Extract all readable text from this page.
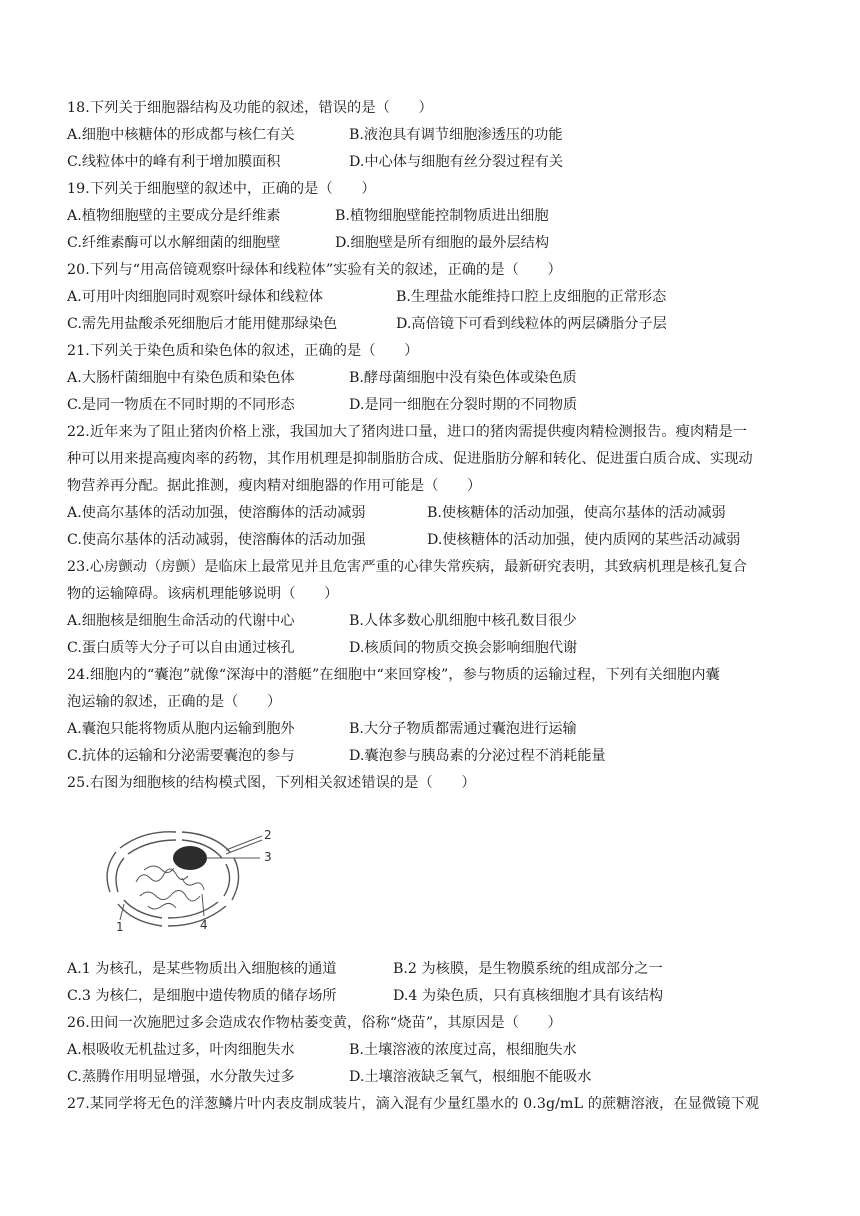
18.下列关于细胞器结构及功能的叙述，错误的是（　　）
A.细胞中核糖体的形成都与核仁有关	B.液泡具有调节细胞渗透压的功能
C.线粒体中的峰有利于增加膜面积	D.中心体与细胞有丝分裂过程有关
19.下列关于细胞壁的叙述中，正确的是（　　）
A.植物细胞壁的主要成分是纤维素	B.植物细胞壁能控制物质进出细胞
C.纤维素酶可以水解细菌的细胞壁	D.细胞壁是所有细胞的最外层结构
20.下列与“用高倍镜观察叶绿体和线粒体”实验有关的叙述，正确的是（　　）
A.可用叶肉细胞同时观察叶绿体和线粒体	B.生理盐水能维持口腔上皮细胞的正常形态
C.需先用盐酸杀死细胞后才能用健那绿染色	D.高倍镜下可看到线粒体的两层磷脂分子层
21.下列关于染色质和染色体的叙述，正确的是（　　）
A.大肠杆菌细胞中有染色质和染色体	B.酵母菌细胞中没有染色体或染色质
C.是同一物质在不同时期的不同形态	D.是同一细胞在分裂时期的不同物质
22.近年来为了阻止猪肉价格上涨，我国加大了猪肉进口量，进口的猪肉需提供瘦肉精检测报告。瘦肉精是一
种可以用来提高瘦肉率的药物，其作用机理是抑制脂肪合成、促进脂肪分解和转化、促进蛋白质合成、实现动
物营养再分配。据此推测，瘦肉精对细胞器的作用可能是（　　）
A.使高尔基体的活动加强，使溶酶体的活动减弱	B.使核糖体的活动加强，使高尔基体的活动减弱
C.使高尔基体的活动减弱，使溶酶体的活动加强	D.使核糖体的活动加强，使内质网的某些活动减弱
23.心房颤动（房颤）是临床上最常见并且危害严重的心律失常疾病，最新研究表明，其致病机理是核孔复合
物的运输障碍。该病机理能够说明（　　）
A.细胞核是细胞生命活动的代谢中心	B.人体多数心肌细胞中核孔数目很少
C.蛋白质等大分子可以自由通过核孔	D.核质间的物质交换会影响细胞代谢
24.细胞内的“囊泡”就像“深海中的潜艇”在细胞中“来回穿梭”，参与物质的运输过程，下列有关细胞内囊
泡运输的叙述，正确的是（　　）
A.囊泡只能将物质从胞内运输到胞外	B.大分子物质都需通过囊泡进行运输
C.抗体的运输和分泌需要囊泡的参与	D.囊泡参与胰岛素的分泌过程不消耗能量
25.右图为细胞核的结构模式图，下列相关叙述错误的是（　　）
2
3
1	4
A.1 为核孔，是某些物质出入细胞核的通道	B.2 为核膜，是生物膜系统的组成部分之一
C.3 为核仁，是细胞中遗传物质的储存场所	D.4 为染色质，只有真核细胞才具有该结构
26.田间一次施肥过多会造成农作物枯萎变黄，俗称“烧苗”，其原因是（　　）
A.根吸收无机盐过多，叶肉细胞失水	B.土壤溶液的浓度过高，根细胞失水
C.蒸腾作用明显增强，水分散失过多	D.土壤溶液缺乏氧气，根细胞不能吸水
27.某同学将无色的洋葱鳞片叶内表皮制成装片，滴入混有少量红墨水的 0.3g/mL 的蔗糖溶液，在显微镜下观
